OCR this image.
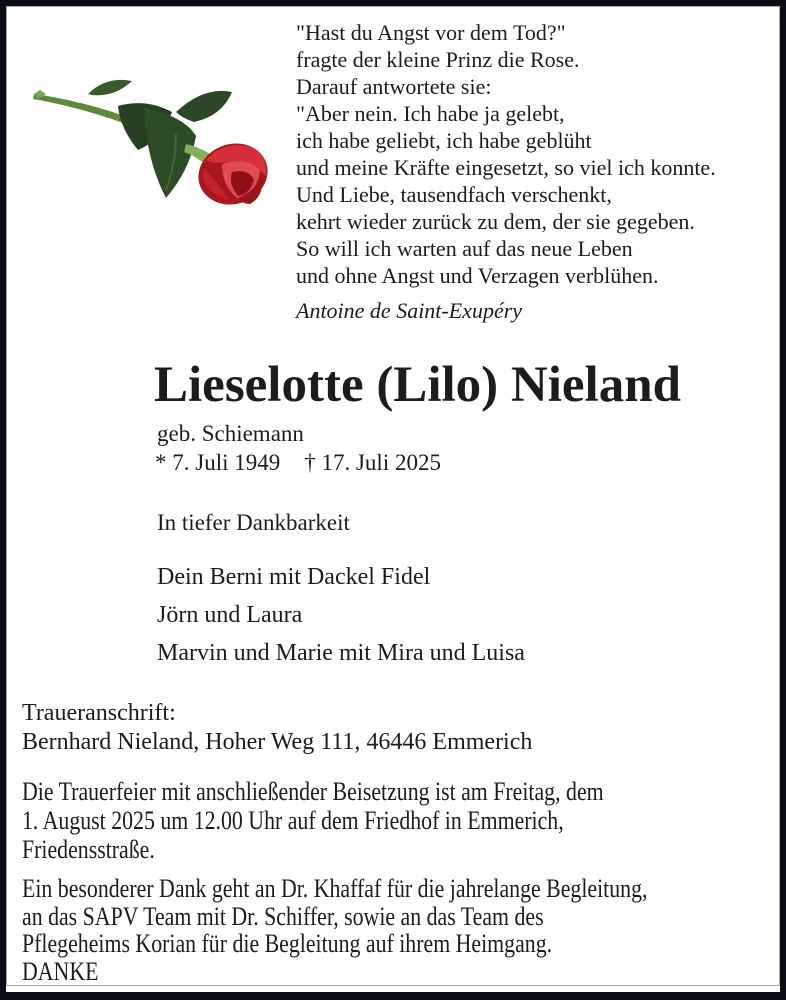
"Hast du Angst vor dem Tod?"
fragte der kleine Prinz die Rose.
Darauf antwortete sie:
"Aber nein. Ich habe ja gelebt,
ich habe geliebt, ich habe geblüht
und meine Kräfte eingesetzt, so viel ich konnte.
Und Liebe, tausendfach verschenkt,
kehrt wieder zurück zu dem, der sie gegeben.
So will ich warten auf das neue Leben
und ohne Angst und Verzagen verblühen.
Antoine de Saint-Exupéry
Lieselotte (Lilo) Nieland
geb. Schiemann
* 7. Juli 1949 † 17. Juli 2025
In tiefer Dankbarkeit
Dein Berni mit Dackel Fidel
Jörn und Laura
Marvin und Marie mit Mira und Luisa
Traueranschrift:
Bernhard Nieland, Hoher Weg 111, 46446 Emmerich
Die Trauerfeier mit anschließender Beisetzung ist am Freitag, dem
1. August 2025 um 12.00 Uhr auf dem Friedhof in Emmerich,
Friedensstraße.
Ein besonderer Dank geht an Dr. Khaffaf für die jahrelange Begleitung,
an das SAPV Team mit Dr. Schiffer, sowie an das Team des
Pflegeheims Korian für die Begleitung auf ihrem Heimgang.
DANKE
